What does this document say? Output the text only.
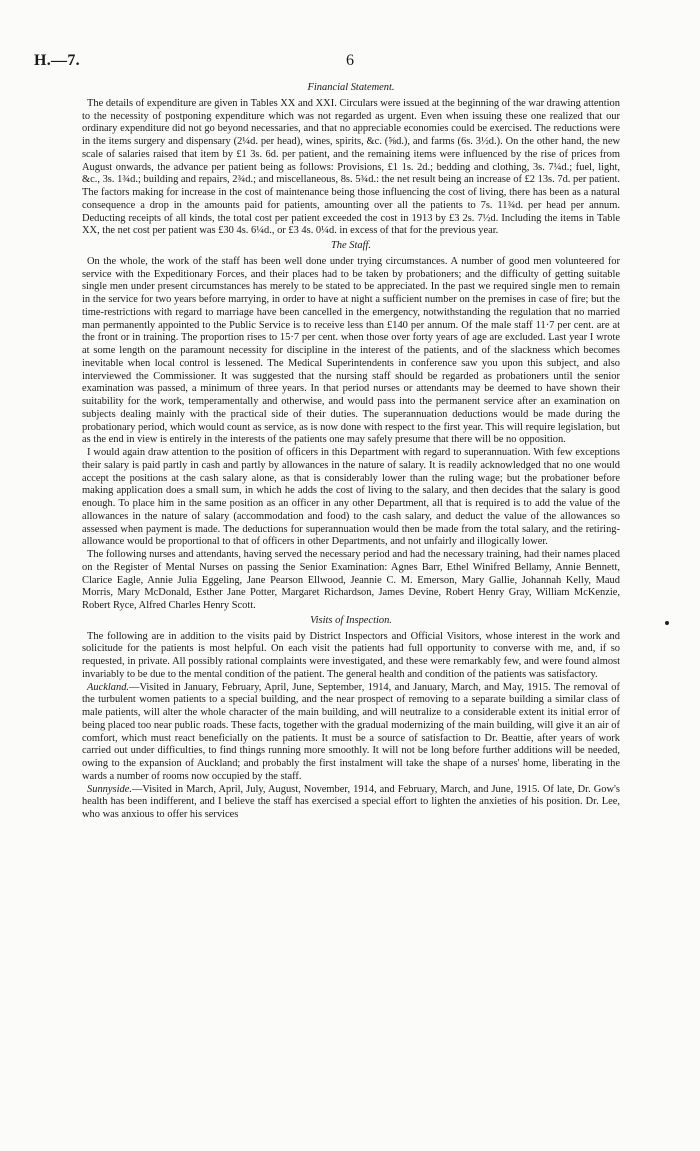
H.—7.	6
Financial Statement.

The details of expenditure are given in Tables XX and XXI. Circulars were issued at the beginning of the war drawing attention to the necessity of postponing expenditure which was not regarded as urgent. Even when issuing these one realized that our ordinary expenditure did not go beyond necessaries, and that no appreciable economies could be exercised. The reductions were in the items surgery and dispensary (2¼d. per head), wines, spirits, &c. (⅝d.), and farms (6s. 3½d.). On the other hand, the new scale of salaries raised that item by £1 3s. 6d. per patient, and the remaining items were influenced by the rise of prices from August onwards, the advance per patient being as follows: Provisions, £1 1s. 2d.; bedding and clothing, 3s. 7¼d.; fuel, light, &c., 3s. 1¾d.; building and repairs, 2¾d.; and miscellaneous, 8s. 5¾d.: the net result being an increase of £2 13s. 7d. per patient. The factors making for increase in the cost of maintenance being those influencing the cost of living, there has been as a natural consequence a drop in the amounts paid for patients, amounting over all the patients to 7s. 11¾d. per head per annum. Deducting receipts of all kinds, the total cost per patient exceeded the cost in 1913 by £3 2s. 7½d. Including the items in Table XX, the net cost per patient was £30 4s. 6¼d., or £3 4s. 0¼d. in excess of that for the previous year.

The Staff.

On the whole, the work of the staff has been well done under trying circumstances. A number of good men volunteered for service with the Expeditionary Forces, and their places had to be taken by probationers; and the difficulty of getting suitable single men under present circumstances has merely to be stated to be appreciated. In the past we required single men to remain in the service for two years before marrying, in order to have at night a sufficient number on the premises in case of fire; but the time-restrictions with regard to marriage have been cancelled in the emergency, notwithstanding the regulation that no married man permanently appointed to the Public Service is to receive less than £140 per annum. Of the male staff 11·7 per cent. are at the front or in training. The proportion rises to 15·7 per cent. when those over forty years of age are excluded. Last year I wrote at some length on the paramount necessity for discipline in the interest of the patients, and of the slackness which becomes inevitable when local control is lessened. The Medical Superintendents in conference saw you upon this subject, and also interviewed the Commissioner. It was suggested that the nursing staff should be regarded as probationers until the senior examination was passed, a minimum of three years. In that period nurses or attendants may be deemed to have shown their suitability for the work, temperamentally and otherwise, and would pass into the permanent service after an examination on subjects dealing mainly with the practical side of their duties. The superannuation deductions would be made during the probationary period, which would count as service, as is now done with respect to the first year. This will require legislation, but as the end in view is entirely in the interests of the patients one may safely presume that there will be no opposition.

I would again draw attention to the position of officers in this Department with regard to superannuation. With few exceptions their salary is paid partly in cash and partly by allowances in the nature of salary. It is readily acknowledged that no one would accept the positions at the cash salary alone, as that is considerably lower than the ruling wage; but the probationer before making application does a small sum, in which he adds the cost of living to the salary, and then decides that the salary is good enough. To place him in the same position as an officer in any other Department, all that is required is to add the value of the allowances in the nature of salary (accommodation and food) to the cash salary, and deduct the value of the allowances so assessed when payment is made. The deductions for superannuation would then be made from the total salary, and the retiring-allowance would be proportional to that of officers in other Departments, and not unfairly and illogically lower.

The following nurses and attendants, having served the necessary period and had the necessary training, had their names placed on the Register of Mental Nurses on passing the Senior Examination: Agnes Barr, Ethel Winifred Bellamy, Annie Bennett, Clarice Eagle, Annie Julia Eggeling, Jane Pearson Ellwood, Jeannie C. M. Emerson, Mary Gallie, Johannah Kelly, Maud Morris, Mary McDonald, Esther Jane Potter, Margaret Richardson, James Devine, Robert Henry Gray, William McKenzie, Robert Ryce, Alfred Charles Henry Scott.

Visits of Inspection.

The following are in addition to the visits paid by District Inspectors and Official Visitors, whose interest in the work and solicitude for the patients is most helpful. On each visit the patients had full opportunity to converse with me, and, if so requested, in private. All possibly rational complaints were investigated, and these were remarkably few, and were found almost invariably to be due to the mental condition of the patient. The general health and condition of the patients was satisfactory.

Auckland.—Visited in January, February, April, June, September, 1914, and January, March, and May, 1915. The removal of the turbulent women patients to a special building, and the near prospect of removing to a separate building a similar class of male patients, will alter the whole character of the main building, and will neutralize to a considerable extent its initial error of being placed too near public roads. These facts, together with the gradual modernizing of the main building, will give it an air of comfort, which must react beneficially on the patients. It must be a source of satisfaction to Dr. Beattie, after years of work carried out under difficulties, to find things running more smoothly. It will not be long before further additions will be needed, owing to the expansion of Auckland; and probably the first instalment will take the shape of a nurses' home, liberating in the wards a number of rooms now occupied by the staff.

Sunnyside.—Visited in March, April, July, August, November, 1914, and February, March, and June, 1915. Of late, Dr. Gow's health has been indifferent, and I believe the staff has exercised a special effort to lighten the anxieties of his position. Dr. Lee, who was anxious to offer his services
